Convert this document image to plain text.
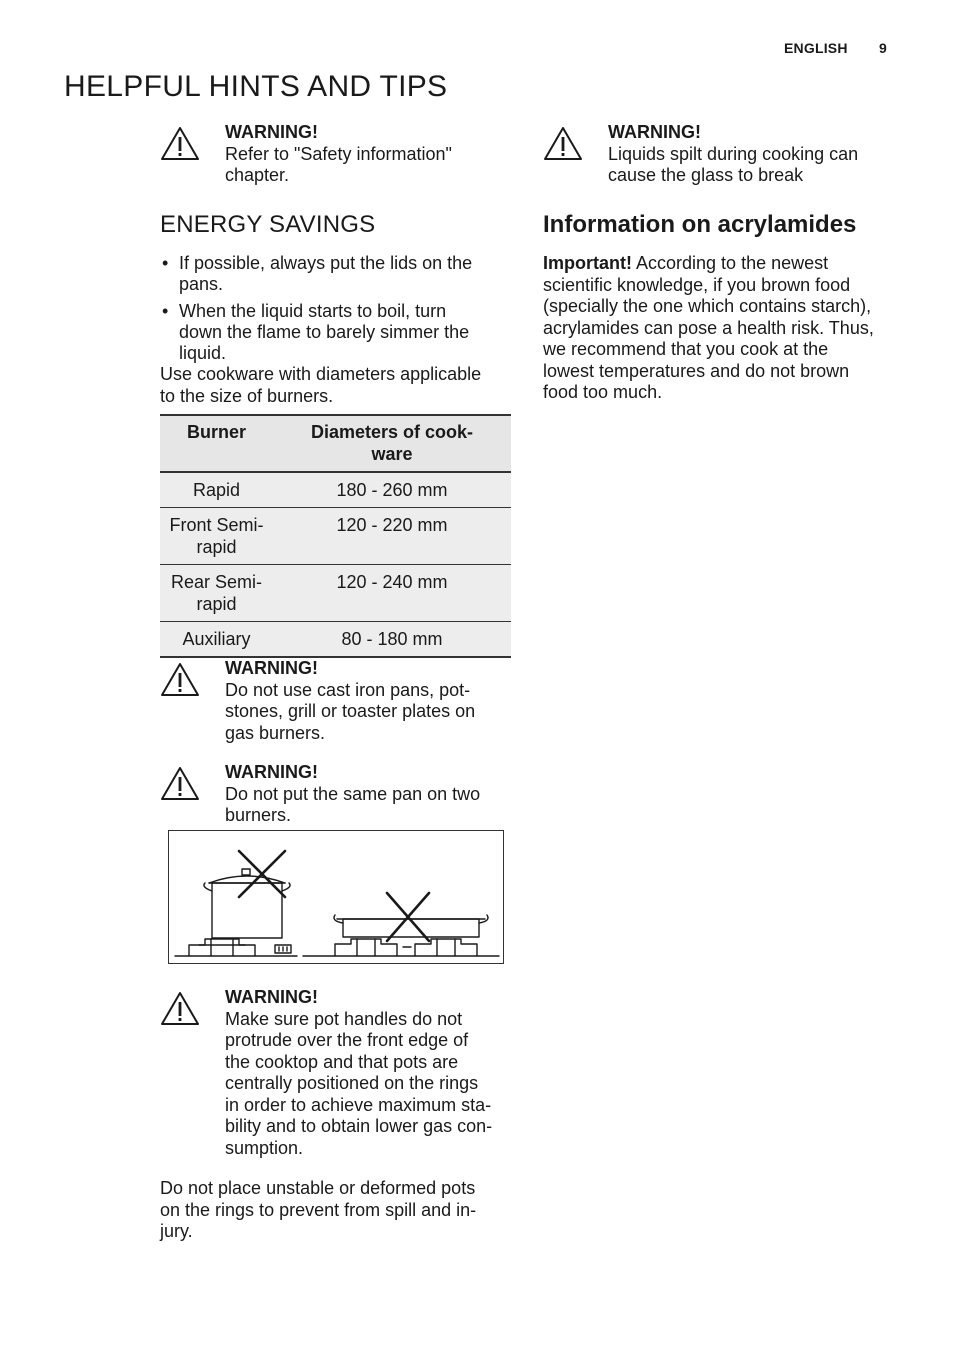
ENGLISH 9
HELPFUL HINTS AND TIPS
WARNING!
Refer to "Safety information"
chapter.
WARNING!
Liquids spilt during cooking can
cause the glass to break
ENERGY SAVINGS
• If possible, always put the lids on the
pans.
• When the liquid starts to boil, turn
down the flame to barely simmer the
liquid.
Use cookware with diameters applicable
to the size of burners.
Burner	Diameters of cook-
ware

Rapid	180 - 260 mm

Front Semi-
rapid	120 - 220 mm

Rear Semi-
rapid	120 - 240 mm

Auxiliary	80 - 180 mm
WARNING!
Do not use cast iron pans, pot-
stones, grill or toaster plates on
gas burners.
WARNING!
Do not put the same pan on two
burners.
WARNING!
Make sure pot handles do not
protrude over the front edge of
the cooktop and that pots are
centrally positioned on the rings
in order to achieve maximum sta-
bility and to obtain lower gas con-
sumption.
Do not place unstable or deformed pots
on the rings to prevent from spill and in-
jury.
Information on acrylamides
Important! According to the newest
scientific knowledge, if you brown food
(specially the one which contains starch),
acrylamides can pose a health risk. Thus,
we recommend that you cook at the
lowest temperatures and do not brown
food too much.
